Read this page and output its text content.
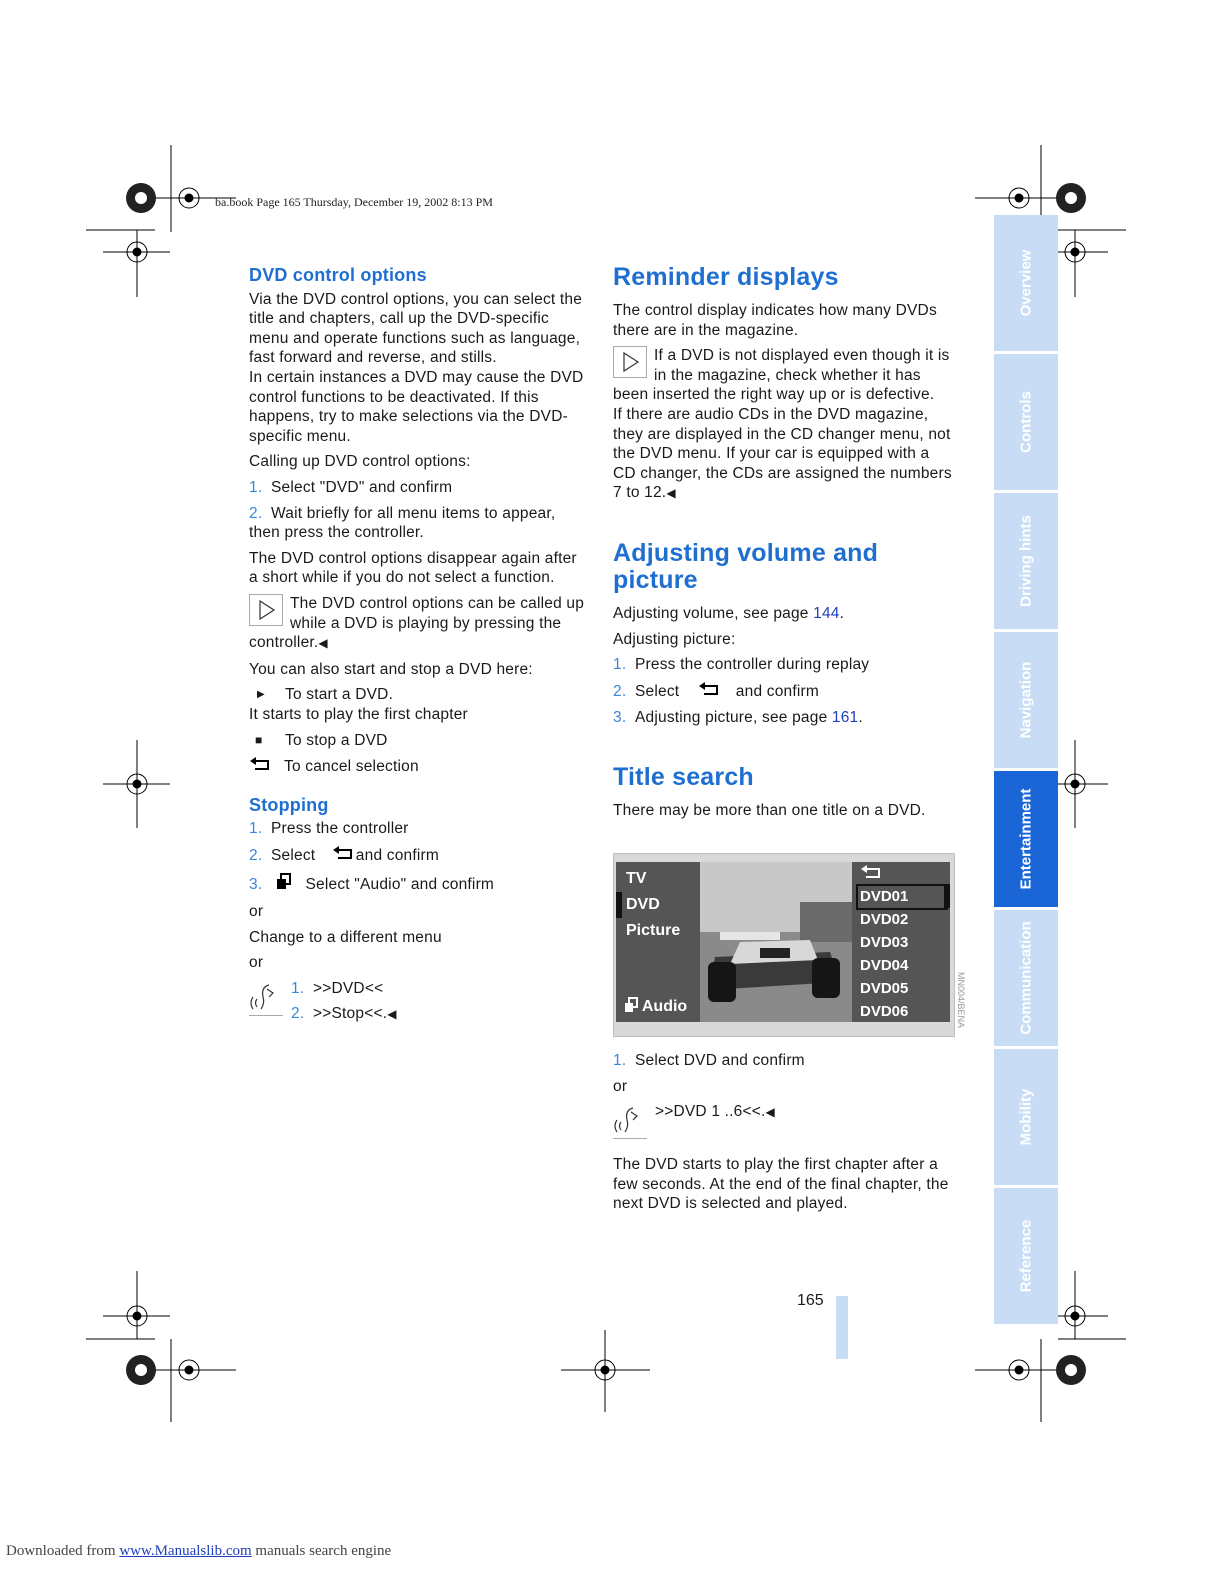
ba.book Page 165 Thursday, December 19, 2002 8:13 PM
DVD control options

Via the DVD control options, you can select the title and chapters, call up the DVD-specific menu and operate functions such as language, fast forward and reverse, and stills.

In certain instances a DVD may cause the DVD control functions to be deactivated. If this happens, try to make selections via the DVD-specific menu.

Calling up DVD control options:

1. Select "DVD" and confirm
2. Wait briefly for all menu items to appear, then press the controller.

The DVD control options disappear again after a short while if you do not select a function.

The DVD control options can be called up while a DVD is playing by pressing the controller.◀

You can also start and stop a DVD here:

▶ To start a DVD.

It starts to play the first chapter

■ To stop a DVD
To cancel selection
Stopping
1. Press the controller
2. Select	and confirm
3.	Select "Audio" and confirm

or

Change to a different menu

or

1. >>DVD<<
2. >>Stop<<.◀
Reminder displays

The control display indicates how many DVDs there are in the magazine.

If a DVD is not displayed even though it is in the magazine, check whether it has been inserted the right way up or is defective.

If there are audio CDs in the DVD magazine, they are displayed in the CD changer menu, not the DVD menu. If your car is equipped with a CD changer, the CDs are assigned the numbers 7 to 12.◀

Adjusting volume and picture

Adjusting volume, see page 144.

Adjusting picture:

1. Press the controller during replay
2. Select	and confirm
3. Adjusting picture, see page 161.
Title search

There may be more than one title on a DVD.

TV
DVD
Picture
Audio
DVD01
DVD02
DVD03
DVD04
DVD05
DVD06	MN004/BENA
1. Select DVD and confirm

or

>>DVD 1 ..6<<.◀

The DVD starts to play the first chapter after a few seconds. At the end of the final chapter, the next DVD is selected and played.

165
Overview
Controls
Driving hints
Navigation
Entertainment
Communication
Mobility
Reference
Downloaded from www.Manualslib.com manuals search engine
